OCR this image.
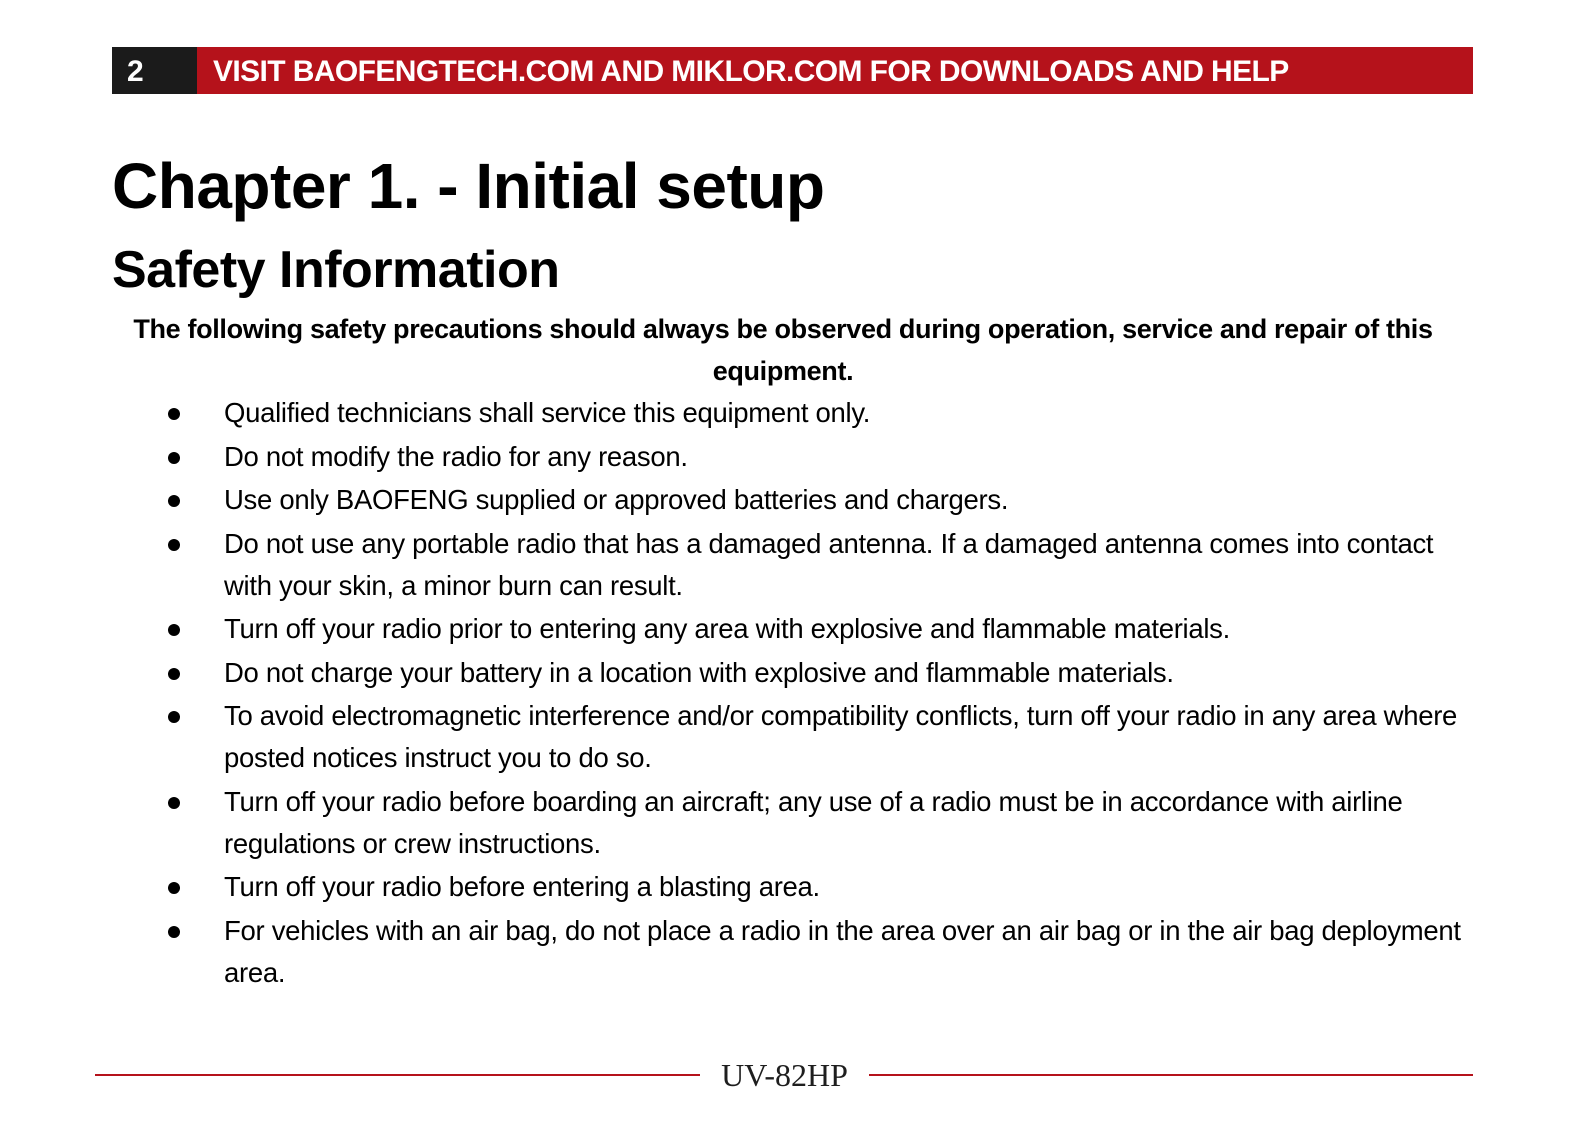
2	VISIT BAOFENGTECH.COM AND MIKLOR.COM FOR DOWNLOADS AND HELP
Chapter 1. - Initial setup
Safety Information

The following safety precautions should always be observed during operation, service and repair of this equipment.

Qualified technicians shall service this equipment only.
Do not modify the radio for any reason.
Use only BAOFENG supplied or approved batteries and chargers.
Do not use any portable radio that has a damaged antenna. If a damaged antenna comes into contact with your skin, a minor burn can result.
Turn off your radio prior to entering any area with explosive and flammable materials.
Do not charge your battery in a location with explosive and flammable materials.
To avoid electromagnetic interference and/or compatibility conflicts, turn off your radio in any area where posted notices instruct you to do so.
Turn off your radio before boarding an aircraft; any use of a radio must be in accordance with airline regulations or crew instructions.
Turn off your radio before entering a blasting area.
For vehicles with an air bag, do not place a radio in the area over an air bag or in the air bag deployment area.
UV-82HP
